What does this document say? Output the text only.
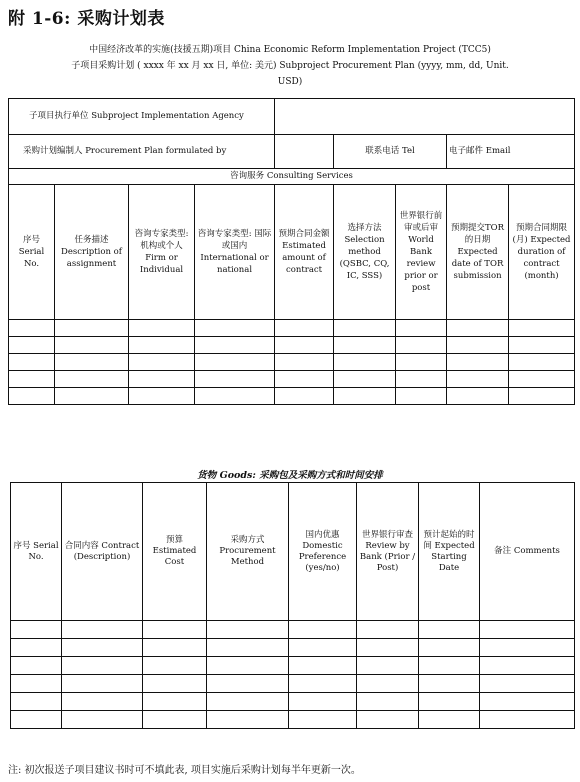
附 1-6: 采购计划表
中国经济改革的实施(技援五期)项目 China Economic Reform Implementation Project (TCC5)
子项目采购计划 ( xxxx 年 xx 月 xx 日, 单位: 美元) Subproject Procurement Plan (yyyy, mm, dd, Unit.
USD)
子项目执行单位 Subproject Implementation Agency								
采购计划编制人 Procurement Plan formulated by					联系电话 Tel		电子邮件 Email	
咨询服务 Consulting Services								
序号 Serial No.	任务描述 Description of assignment	咨询专家类型: 机构或个人 Firm or Individual	咨询专家类型: 国际或国内 International or national	预期合同金额 Estimated amount of contract	选择方法 Selection method (QSBC, CQ, IC, SSS)	世界银行前审或后审 World Bank review prior or post	预期提交TOR的日期 Expected date of TOR submission	预期合同期限(月) Expected duration of contract (month)

货物 Goods: 采购包及采购方式和时间安排
序号 Serial No.	合同内容 Contract (Description)	预算 Estimated Cost	采购方式 Procurement Method	国内优惠 Domestic Preference (yes/no)	世界银行审查 Review by Bank (Prior / Post)	预计起始的时间 Expected Starting Date	备注 Comments

注: 初次报送子项目建议书时可不填此表, 项目实施后采购计划每半年更新一次。
